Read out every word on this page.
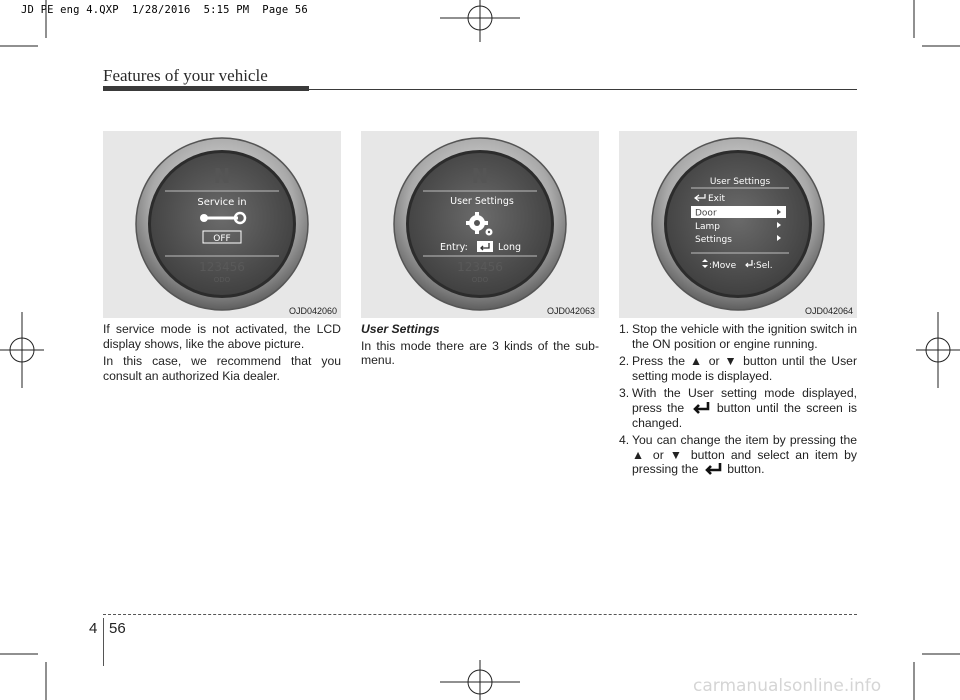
JD PE eng 4.QXP  1/28/2016  5:15 PM  Page 56
Features of your vehicle
N
Service in
OFF
123456
ODO
OJD042060
N
User Settings
Entry:	Long
123456
ODO
OJD042063
User Settings
Exit
Door
Lamp
Settings
:Move :Sel.
OJD042064

If service mode is not activated, the LCD display shows, like the above picture.

In this case, we recommend that you consult an authorized Kia dealer.

User Settings

In this mode there are 3 kinds of the sub-menu.

1. Stop the vehicle with the ignition switch in the ON position or engine running.
2. Press the ▲ or ▼ button until the User setting mode is displayed.
3. With the User setting mode displayed, press the	button until the screen is changed.
4. You can change the item by pressing the ▲ or ▼ button and select an item by pressing the button.
4 56
carmanualsonline.info
